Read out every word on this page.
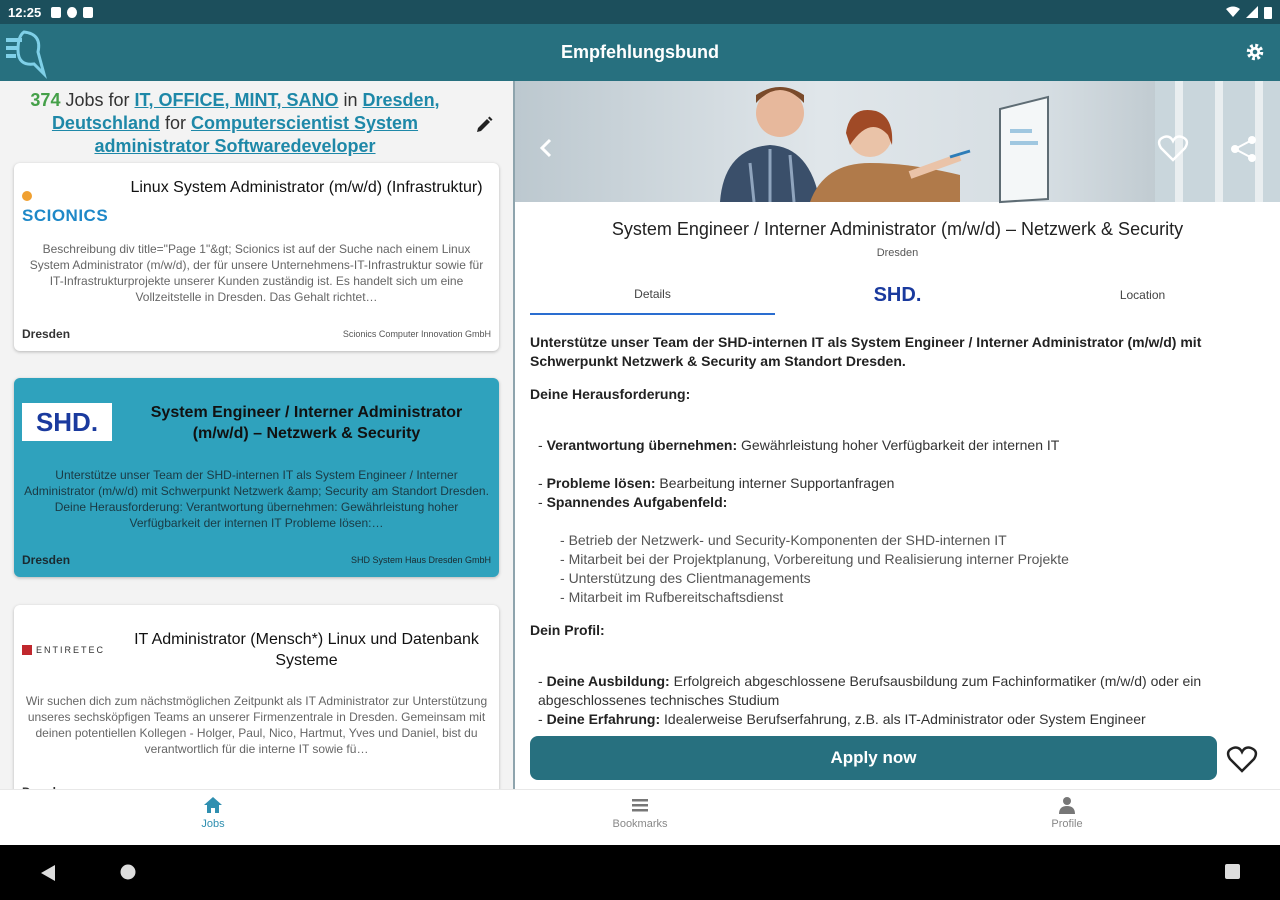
12:25
Empfehlungsbund
374 Jobs for IT, OFFICE, MINT, SANO in Dresden, Deutschland for Computerscientist System administrator Softwaredeveloper
SCIONICS
Linux System Administrator (m/w/d) (Infrastruktur)
Beschreibung div title="Page 1"&gt; Scionics ist auf der Suche nach einem Linux System Administrator (m/w/d), der für unsere Unternehmens-IT-Infrastruktur sowie für IT-Infrastrukturprojekte unserer Kunden zuständig ist. Es handelt sich um eine Vollzeitstelle in Dresden. Das Gehalt richtet…
Dresden	Scionics Computer Innovation GmbH
SHD.	System Engineer / Interner Administrator (m/w/d) – Netzwerk & Security
Unterstütze unser Team der SHD-internen IT als System Engineer / Interner Administrator (m/w/d) mit Schwerpunkt Netzwerk &amp; Security am Standort Dresden. Deine Herausforderung: Verantwortung übernehmen: Gewährleistung hoher Verfügbarkeit der internen IT Probleme lösen:…
Dresden	SHD System Haus Dresden GmbH
ENTIRETEC
IT Administrator (Mensch*) Linux und Datenbank Systeme
Wir suchen dich zum nächstmöglichen Zeitpunkt als IT Administrator zur Unterstützung unseres sechsköpfigen Teams an unserer Firmenzentrale in Dresden. Gemeinsam mit deinen potentiellen Kollegen - Holger, Paul, Nico, Hartmut, Yves und Daniel, bist du verantwortlich für die interne IT sowie fü…
System Engineer / Interner Administrator (m/w/d) – Netzwerk & Security
Dresden
Details	SHD.	Location
Unterstütze unser Team der SHD-internen IT als System Engineer / Interner Administrator (m/w/d) mit Schwerpunkt Netzwerk & Security am Standort Dresden.
Deine Herausforderung:
- Verantwortung übernehmen: Gewährleistung hoher Verfügbarkeit der internen IT
- Probleme lösen: Bearbeitung interner Supportanfragen
- Spannendes Aufgabenfeld:
- Betrieb der Netzwerk- und Security-Komponenten der SHD-internen IT
- Mitarbeit bei der Projektplanung, Vorbereitung und Realisierung interner Projekte
- Unterstützung des Clientmanagements
- Mitarbeit im Rufbereitschaftsdienst
Dein Profil:
- Deine Ausbildung: Erfolgreich abgeschlossene Berufsausbildung zum Fachinformatiker (m/w/d) oder ein abgeschlossenes technisches Studium
- Deine Erfahrung: Idealerweise Berufserfahrung, z.B. als IT-Administrator oder System Engineer
Apply now
Jobs	Bookmarks	Profile
